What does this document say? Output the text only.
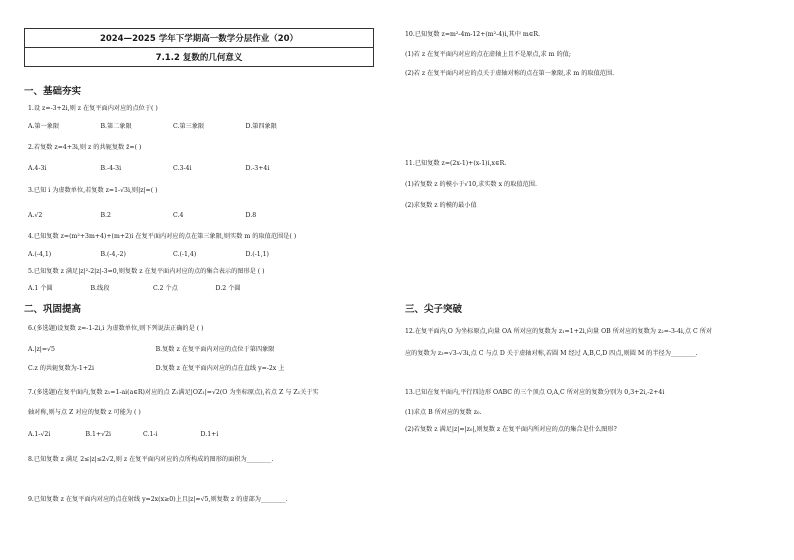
2024—2025 学年下学期高一数学分层作业（20）
7.1.2 复数的几何意义
一、基础夯实
1.设 z=-3+2i,则 z 在复平面内对应的点位于( )
A.第一象限	B.第二象限	C.第三象限	D.第四象限
2.若复数 z=4+3i,则 z 的共轭复数 z̄=( )
A.4-3i	B.-4-3i	C.3-4i	D.-3+4i
3.已知 i 为虚数单位,若复数 z=1-√3i,则|z|=( )
A.√2	B.2	C.4	D.8
4.已知复数 z=(m²+3m+4)+(m+2)i 在复平面内对应的点在第三象限,则实数 m 的取值范围是( )
A.(-4,1)	B.(-4,-2)	C.(-1,4)	D.(-1,1)
5.已知复数 z 满足|z|²-2|z|-3=0,则复数 z 在复平面内对应的点的集合表示的图形是 ( )
A.1 个圆	B.线段	C.2 个点	D.2 个圆
二、巩固提高
6.(多选题)设复数 z=-1-2i,i 为虚数单位,则下列说法正确的是 ( )
A.|z|=√5	B.复数 z 在复平面内对应的点位于第四象限
C.z 的共轭复数为-1+2i	D.复数 z 在复平面内对应的点在直线 y=-2x 上
7.(多选题)在复平面内,复数 z₁=1-ai(a∈R)对应的点 Z₁满足|OZ₁|=√2(O 为坐标原点),若点 Z 与 Z₁关于实
轴对称,则与点 Z 对应的复数 z 可能为 ( )
A.1-√2i	B.1+√2i	C.1-i	D.1+i
8.已知复数 z 满足 2≤|z|≤2√2,则 z 在复平面内对应的点所构成的图形的面积为________.
9.已知复数 z 在复平面内对应的点在射线 y=2x(x≥0)上且|z|=√5,则复数 z 的虚部为________.
10.已知复数 z=m²-4m-12+(m²-4)i,其中 m∈R.
(1)若 z 在复平面内对应的点在虚轴上且不是原点,求 m 的值;
(2)若 z 在复平面内对应的点关于虚轴对称的点在第一象限,求 m 的取值范围.
11.已知复数 z=(2x-1)+(x-1)i,x∈R.
(1)若复数 z 的模小于√10,求实数 x 的取值范围.
(2)求复数 z 的模的最小值
三、尖子突破
12.在复平面内,O 为坐标原点,向量 OA 所对应的复数为 z₁=1+2i,向量 OB 所对应的复数为 z₂=-3-4i,点 C 所对
应的复数为 z₃=√3-√3i,点 C 与点 D 关于虚轴对称,若圆 M 经过 A,B,C,D 四点,则圆 M 的半径为________.
13.已知在复平面内,平行四边形 OABC 的三个顶点 O,A,C 所对应的复数分别为 0,3+2i,-2+4i
(1)求点 B 所对应的复数 z₀.
(2)若复数 z 满足|z|=|z₀|,则复数 z 在复平面内所对应的点的集合是什么图形?
